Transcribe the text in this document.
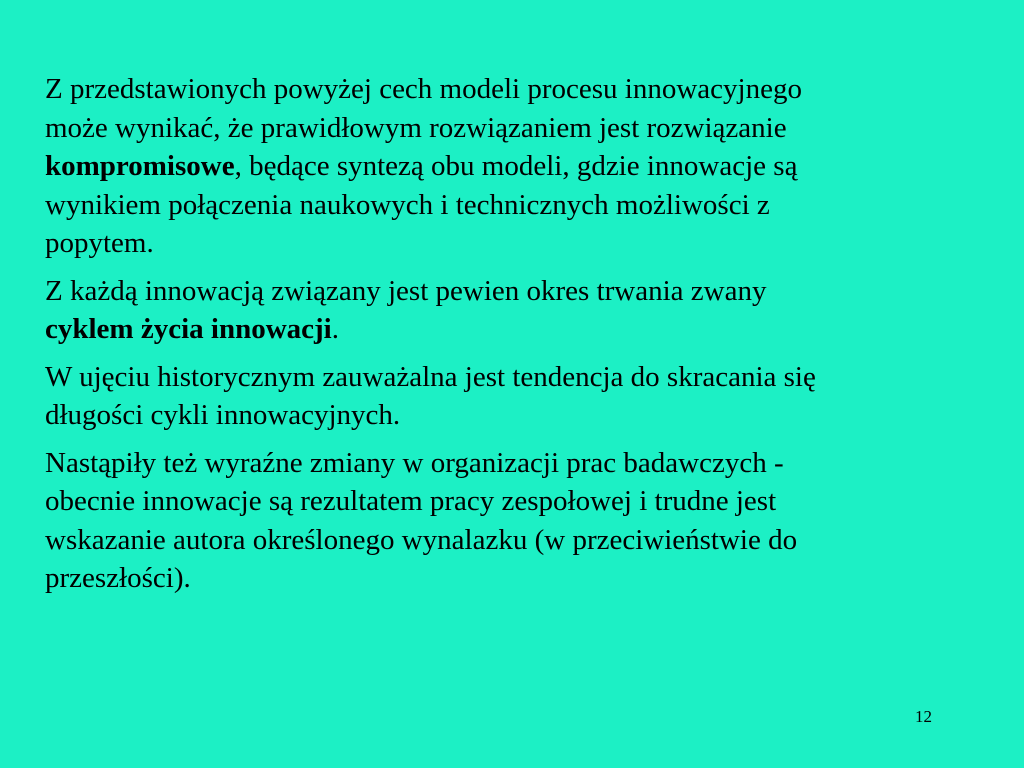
Z przedstawionych powyżej cech modeli procesu innowacyjnego
może wynikać, że prawidłowym rozwiązaniem jest rozwiązanie
kompromisowe, będące syntezą obu modeli, gdzie innowacje są
wynikiem połączenia naukowych i technicznych możliwości z
popytem.

Z każdą innowacją związany jest pewien okres trwania zwany
cyklem życia innowacji.

W ujęciu historycznym zauważalna jest tendencja do skracania się
długości cykli innowacyjnych.

Nastąpiły też wyraźne zmiany w organizacji prac badawczych -
obecnie innowacje są rezultatem pracy zespołowej i trudne jest
wskazanie autora określonego wynalazku (w przeciwieństwie do
przeszłości).

12
